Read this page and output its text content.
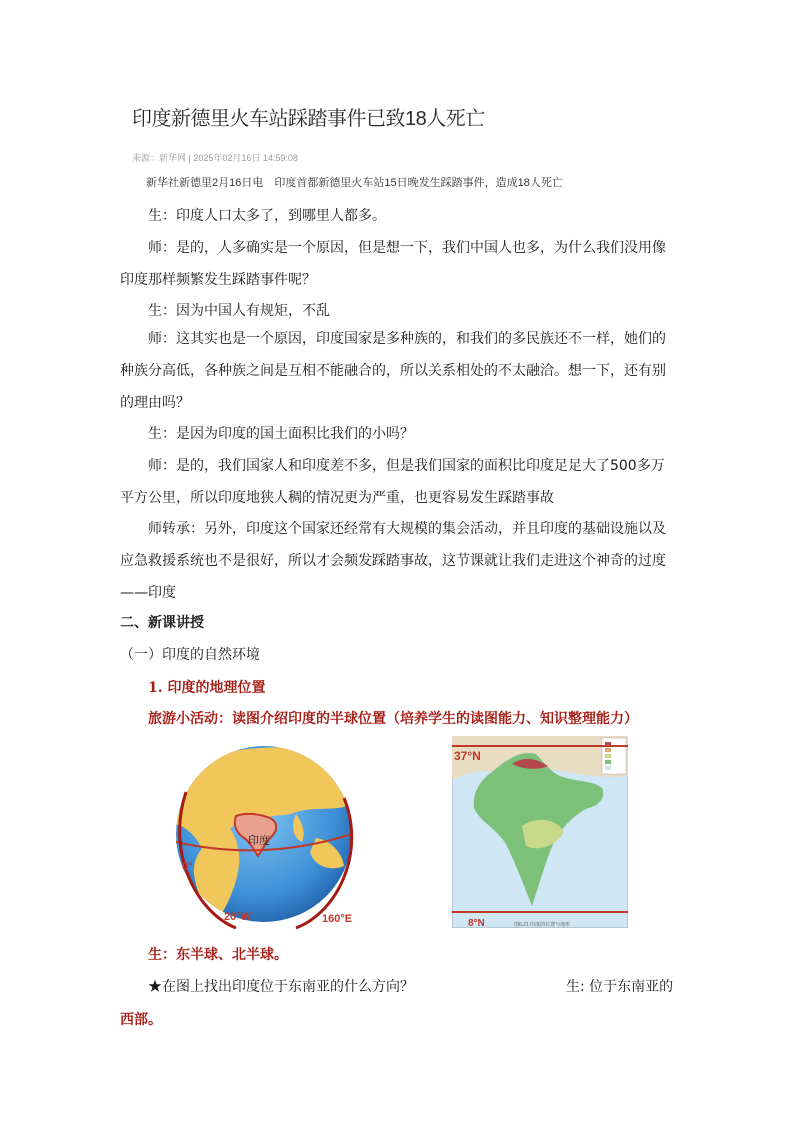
印度新德里火车站踩踏事件已致18人死亡
来源：新华网 | 2025年02月16日 14:59:08
新华社新德里2月16日电　印度首都新德里火车站15日晚发生踩踏事件，造成18人死亡
生：印度人口太多了，到哪里人都多。
师：是的，人多确实是一个原因，但是想一下，我们中国人也多，为什么我们没用像印度那样频繁发生踩踏事件呢？
生：因为中国人有规矩，不乱
师：这其实也是一个原因，印度国家是多种族的，和我们的多民族还不一样，她们的种族分高低，各种族之间是互相不能融合的，所以关系相处的不太融洽。想一下，还有别的理由吗？
生：是因为印度的国土面积比我们的小吗？
师：是的，我们国家人和印度差不多，但是我们国家的面积比印度足足大了500多万平方公里，所以印度地狭人稠的情况更为严重，也更容易发生踩踏事故
师转承：另外，印度这个国家还经常有大规模的集会活动，并且印度的基础设施以及应急救援系统也不是很好，所以才会频发踩踏事故，这节课就让我们走进这个神奇的过度——印度
二、新课讲授
（一）印度的自然环境
1. 印度的地理位置
旅游小活动：读图介绍印度的半球位置（培养学生的读图能力、知识整理能力）
印度
0°
20°W	160°E
37°N
8°N	图6.21 印度的位置与地形
生：东半球、北半球。
★在图上找出印度位于东南亚的什么方向？	生: 位于东南亚的
西部。
